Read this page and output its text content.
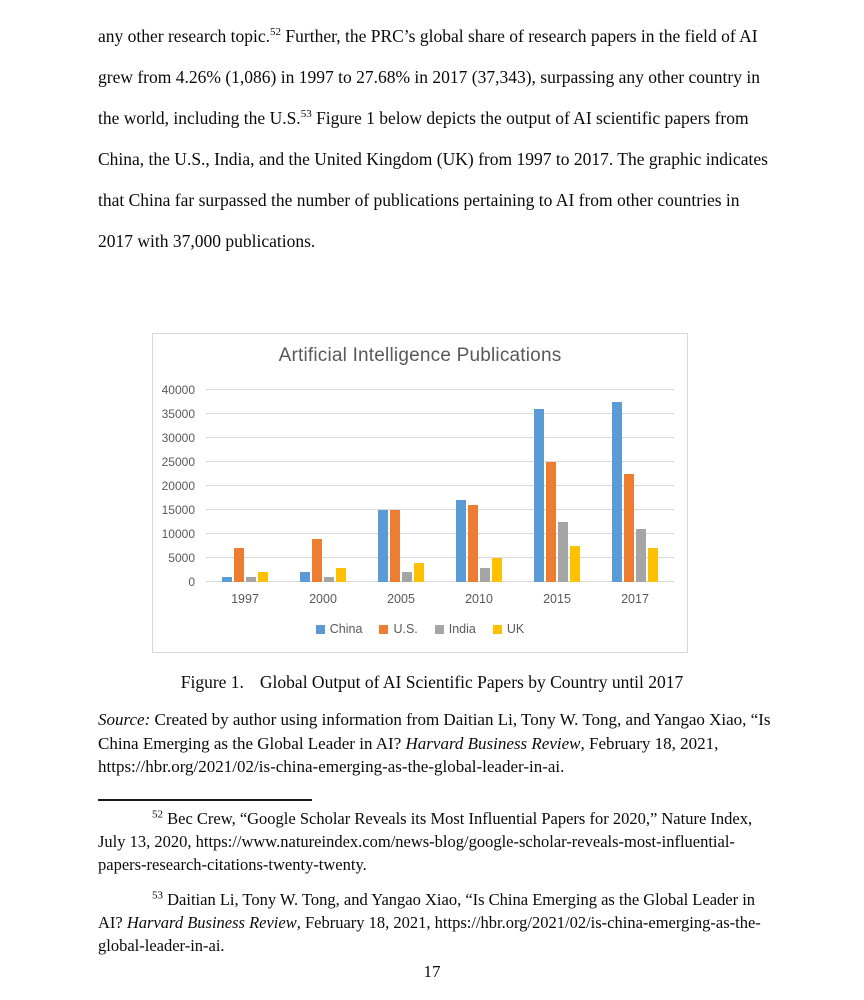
any other research topic.$^{52}$ Further, the PRC’s global share of research papers in the field of AI grew from 4.26% (1,086) in 1997 to 27.68% in 2017 (37,343), surpassing any other country in the world, including the U.S.$^{53}$ Figure 1 below depicts the output of AI scientific papers from China, the U.S., India, and the United Kingdom (UK) from 1997 to 2017. The graphic indicates that China far surpassed the number of publications pertaining to AI from other countries in 2017 with 37,000 publications.

Artificial Intelligence Publications
0
5000
10000
15000
20000
25000
30000
35000
40000
1997	2000	2005	2010	2015	2017
China U.S. India UK

Figure 1. Global Output of AI Scientific Papers by Country until 2017

Source: Created by author using information from Daitian Li, Tony W. Tong, and Yangao Xiao, “Is China Emerging as the Global Leader in AI? Harvard Business Review, February 18, 2021, https://hbr.org/2021/02/is-china-emerging-as-the-global-leader-in-ai.

$^{52}$ Bec Crew, “Google Scholar Reveals its Most Influential Papers for 2020,” Nature Index, July 13, 2020, https://www.natureindex.com/news-blog/google-scholar-reveals-most-influential-papers-research-citations-twenty-twenty.

$^{53}$ Daitian Li, Tony W. Tong, and Yangao Xiao, “Is China Emerging as the Global Leader in AI? Harvard Business Review, February 18, 2021, https://hbr.org/2021/02/is-china-emerging-as-the-global-leader-in-ai.

17
